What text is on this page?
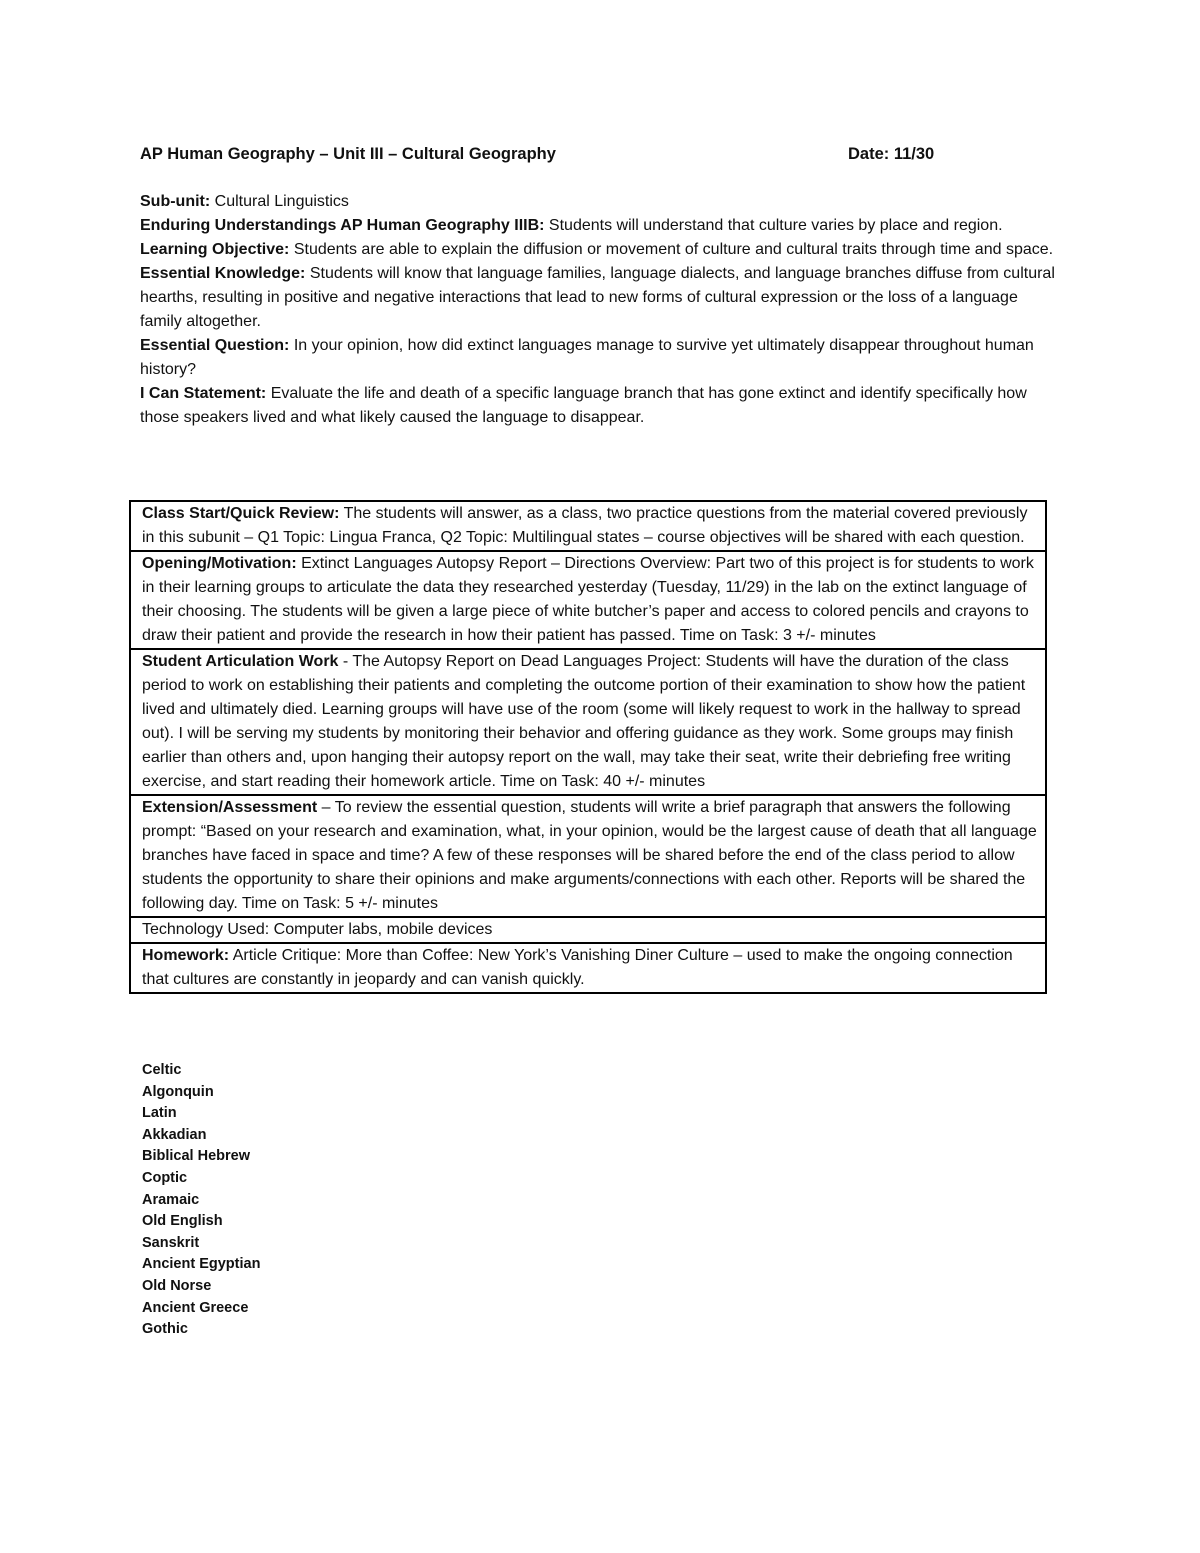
AP Human Geography – Unit III – Cultural Geography	Date: 11/30

Sub-unit: Cultural Linguistics

Enduring Understandings AP Human Geography IIIB: Students will understand that culture varies by place and region.

Learning Objective: Students are able to explain the diffusion or movement of culture and cultural traits through time and space.

Essential Knowledge: Students will know that language families, language dialects, and language branches diffuse from cultural hearths, resulting in positive and negative interactions that lead to new forms of cultural expression or the loss of a language family altogether.

Essential Question: In your opinion, how did extinct languages manage to survive yet ultimately disappear throughout human history?

I Can Statement: Evaluate the life and death of a specific language branch that has gone extinct and identify specifically how those speakers lived and what likely caused the language to disappear.

Class Start/Quick Review: The students will answer, as a class, two practice questions from the material covered previously in this subunit – Q1 Topic: Lingua Franca, Q2 Topic: Multilingual states – course objectives will be shared with each question.
Opening/Motivation: Extinct Languages Autopsy Report – Directions Overview: Part two of this project is for students to work in their learning groups to articulate the data they researched yesterday (Tuesday, 11/29) in the lab on the extinct language of their choosing. The students will be given a large piece of white butcher’s paper and access to colored pencils and crayons to draw their patient and provide the research in how their patient has passed. Time on Task: 3 +/- minutes
Student Articulation Work - The Autopsy Report on Dead Languages Project: Students will have the duration of the class period to work on establishing their patients and completing the outcome portion of their examination to show how the patient lived and ultimately died. Learning groups will have use of the room (some will likely request to work in the hallway to spread out). I will be serving my students by monitoring their behavior and offering guidance as they work. Some groups may finish earlier than others and, upon hanging their autopsy report on the wall, may take their seat, write their debriefing free writing exercise, and start reading their homework article. Time on Task: 40 +/- minutes
Extension/Assessment – To review the essential question, students will write a brief paragraph that answers the following prompt: “Based on your research and examination, what, in your opinion, would be the largest cause of death that all language branches have faced in space and time? A few of these responses will be shared before the end of the class period to allow students the opportunity to share their opinions and make arguments/connections with each other. Reports will be shared the following day. Time on Task: 5 +/- minutes
Technology Used: Computer labs, mobile devices
Homework: Article Critique: More than Coffee: New York’s Vanishing Diner Culture – used to make the ongoing connection that cultures are constantly in jeopardy and can vanish quickly.
Celtic
Algonquin
Latin
Akkadian
Biblical Hebrew
Coptic
Aramaic
Old English
Sanskrit
Ancient Egyptian
Old Norse
Ancient Greece
Gothic
